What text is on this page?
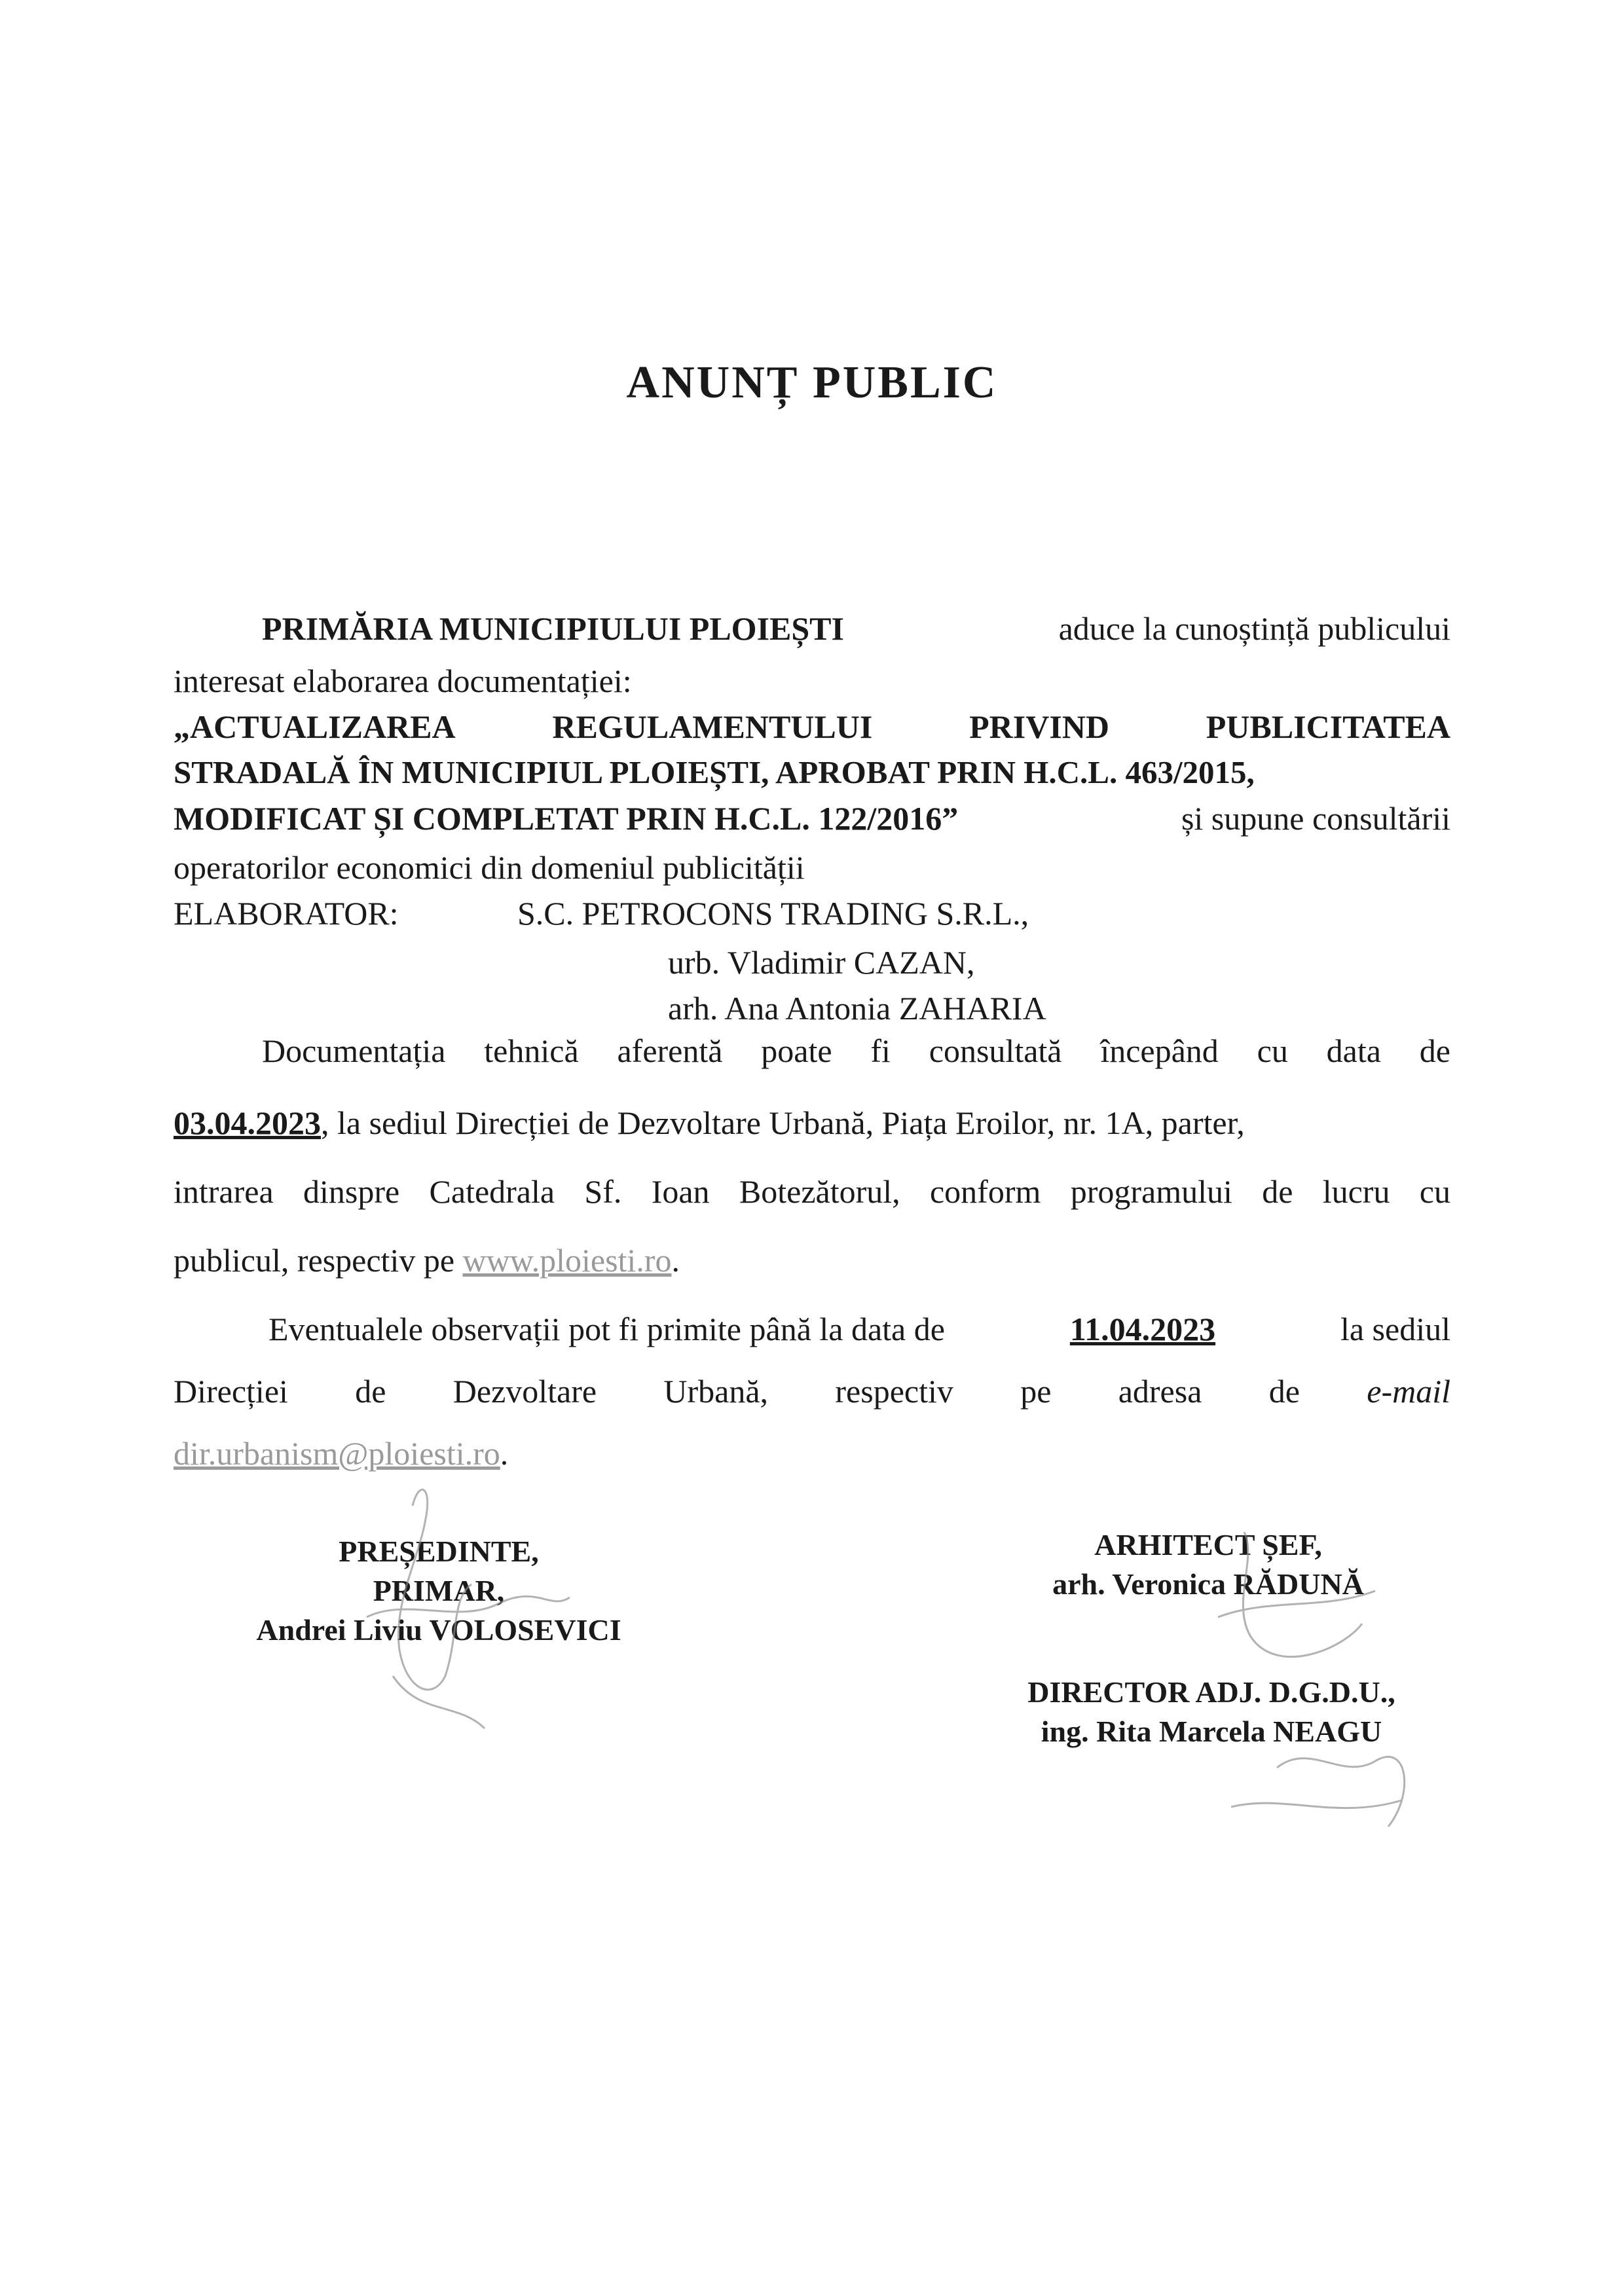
ANUNȚ PUBLIC
PRIMĂRIA MUNICIPIULUI PLOIEȘTI	aduce la cunoștință publicului
interesat elaborarea documentației:
„ACTUALIZAREA	REGULAMENTULUI	PRIVIND	PUBLICITATEA
STRADALĂ ÎN MUNICIPIUL PLOIEȘTI, APROBAT PRIN H.C.L. 463/2015,
MODIFICAT ȘI COMPLETAT PRIN H.C.L. 122/2016”	și supune consultării
operatorilor economici din domeniul publicității
ELABORATOR:	S.C. PETROCONS TRADING S.R.L.,
urb. Vladimir CAZAN,
arh. Ana Antonia ZAHARIA
Documentația tehnică aferentă poate fi consultată începând cu data de
03.04.2023, la sediul Direcției de Dezvoltare Urbană, Piața Eroilor, nr. 1A, parter,
intrarea dinspre Catedrala Sf. Ioan Botezătorul, conform programului de lucru cu
publicul, respectiv pe www.ploiesti.ro.
Eventualele observații pot fi primite până la data de	11.04.2023	la sediul
Direcției de Dezvoltare Urbană, respectiv pe adresa de e-mail
dir.urbanism@ploiesti.ro.
PREȘEDINTE,
PRIMAR,
Andrei Liviu VOLOSEVICI
ARHITECT ȘEF,
arh. Veronica RĂDUNĂ
DIRECTOR ADJ. D.G.D.U.,
ing. Rita Marcela NEAGU
